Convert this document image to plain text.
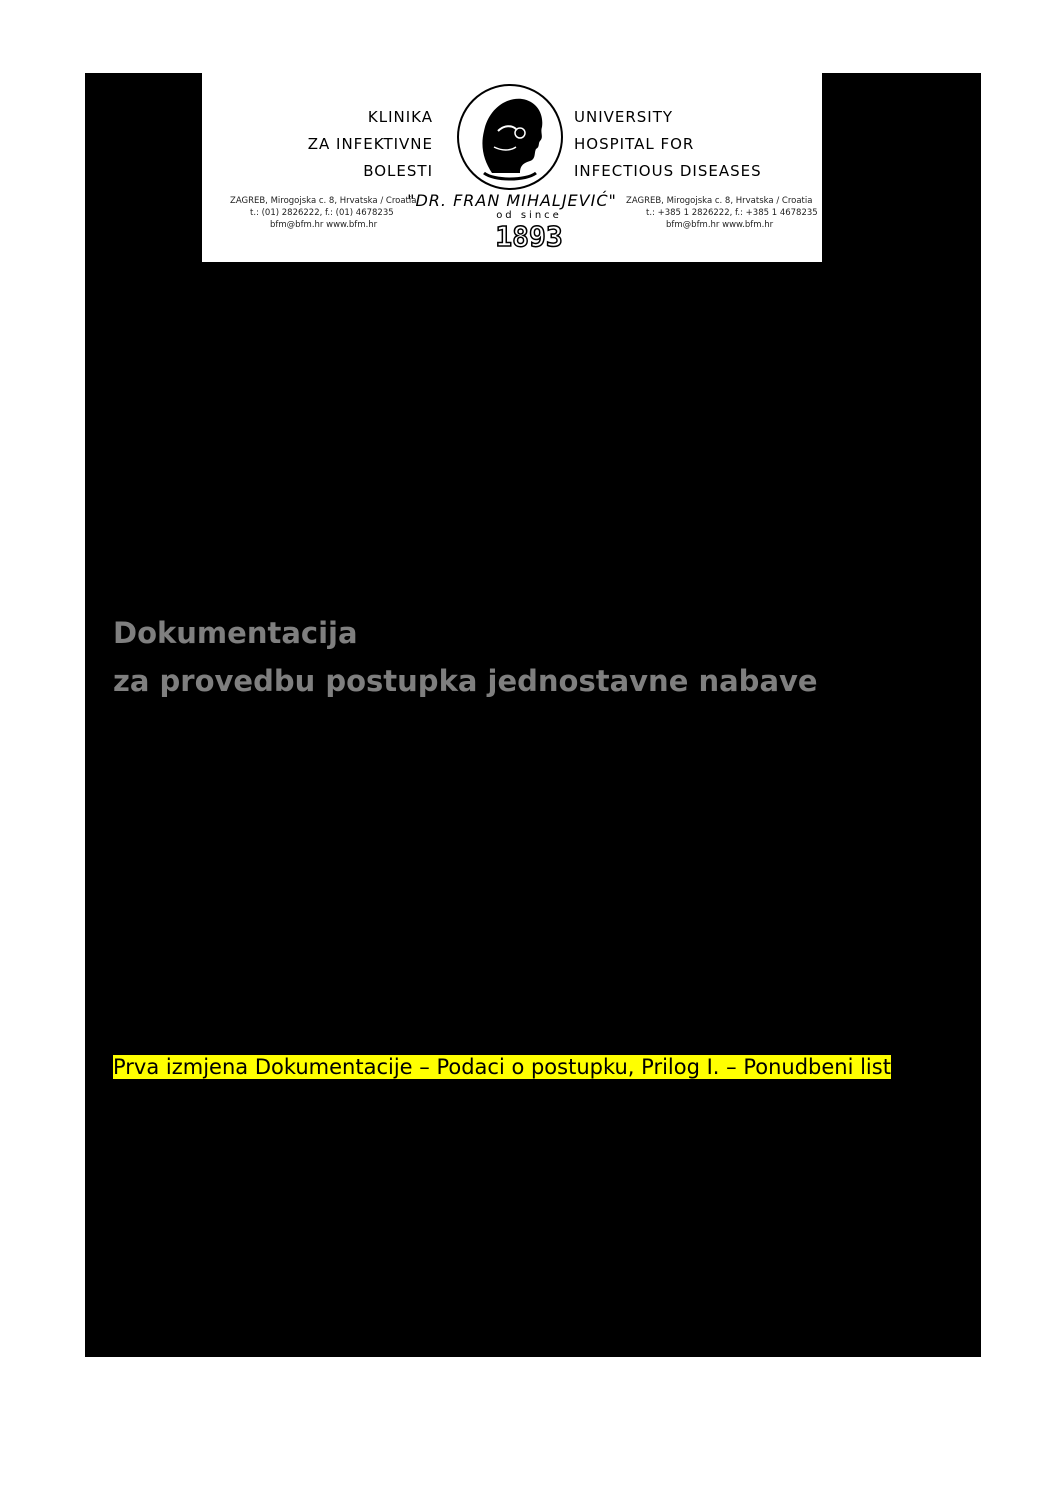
KLINIKA
ZA INFEKTIVNE
BOLESTI
UNIVERSITY
HOSPITAL FOR
INFECTIOUS DISEASES
"DR. FRAN MIHALJEVIĆ"
ZAGREB, Mirogojska c. 8, Hrvatska / Croatia
t.: (01) 2826222, f.: (01) 4678235
bfm@bfm.hr www.bfm.hr
od since
1893
ZAGREB, Mirogojska c. 8, Hrvatska / Croatia
t.: +385 1 2826222, f.: +385 1 4678235
bfm@bfm.hr www.bfm.hr
Dokumentacija
za provedbu postupka jednostavne nabave
Prva izmjena Dokumentacije – Podaci o postupku, Prilog I. – Ponudbeni list
